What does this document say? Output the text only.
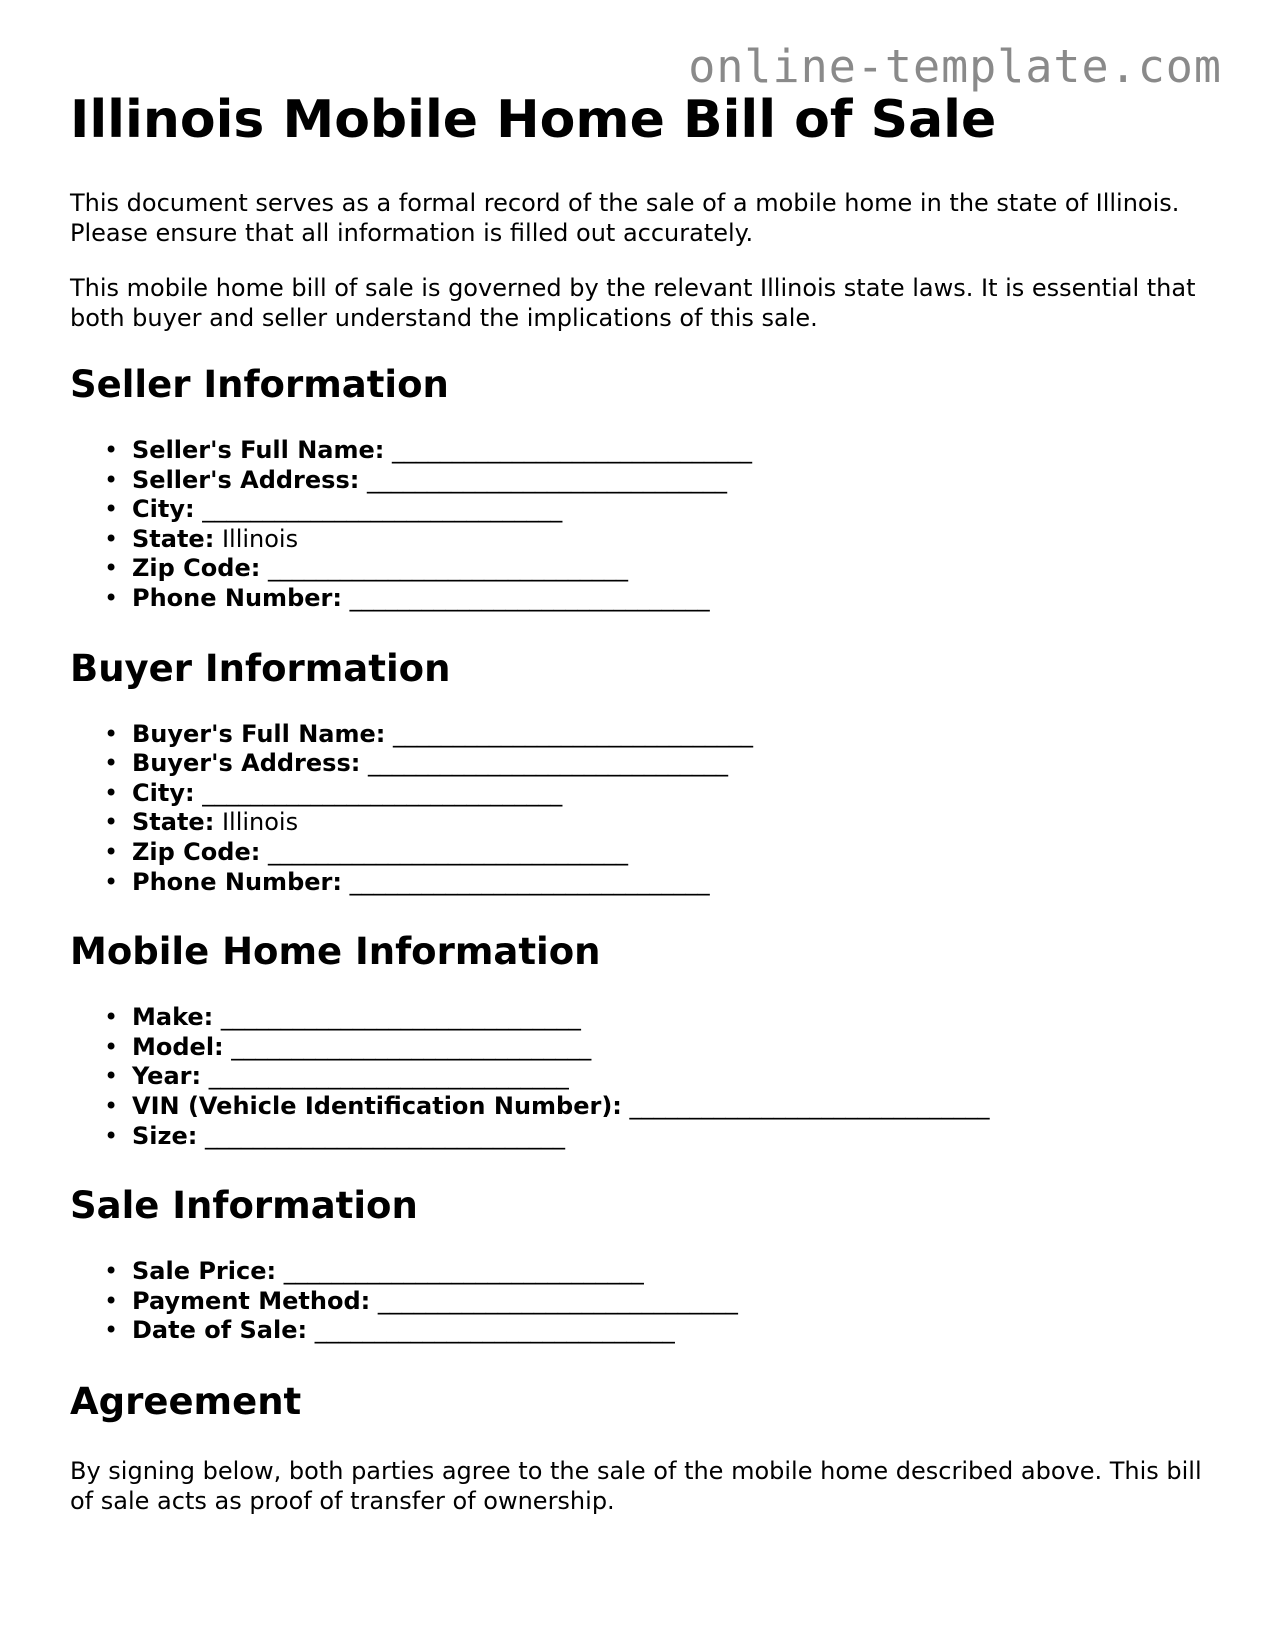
online-template.com
Illinois Mobile Home Bill of Sale

This document serves as a formal record of the sale of a mobile home in the state of Illinois. Please ensure that all information is filled out accurately.

This mobile home bill of sale is governed by the relevant Illinois state laws. It is essential that both buyer and seller understand the implications of this sale.

Seller Information
• Seller's Full Name: ______________________________
• Seller's Address: ______________________________
• City: ______________________________
• State: Illinois
• Zip Code: ______________________________
• Phone Number: ______________________________
Buyer Information
• Buyer's Full Name: ______________________________
• Buyer's Address: ______________________________
• City: ______________________________
• State: Illinois
• Zip Code: ______________________________
• Phone Number: ______________________________
Mobile Home Information
• Make: ______________________________
• Model: ______________________________
• Year: ______________________________
• VIN (Vehicle Identification Number): ______________________________
• Size: ______________________________
Sale Information
• Sale Price: ______________________________
• Payment Method: ______________________________
• Date of Sale: ______________________________
Agreement

By signing below, both parties agree to the sale of the mobile home described above. This bill of sale acts as proof of transfer of ownership.
